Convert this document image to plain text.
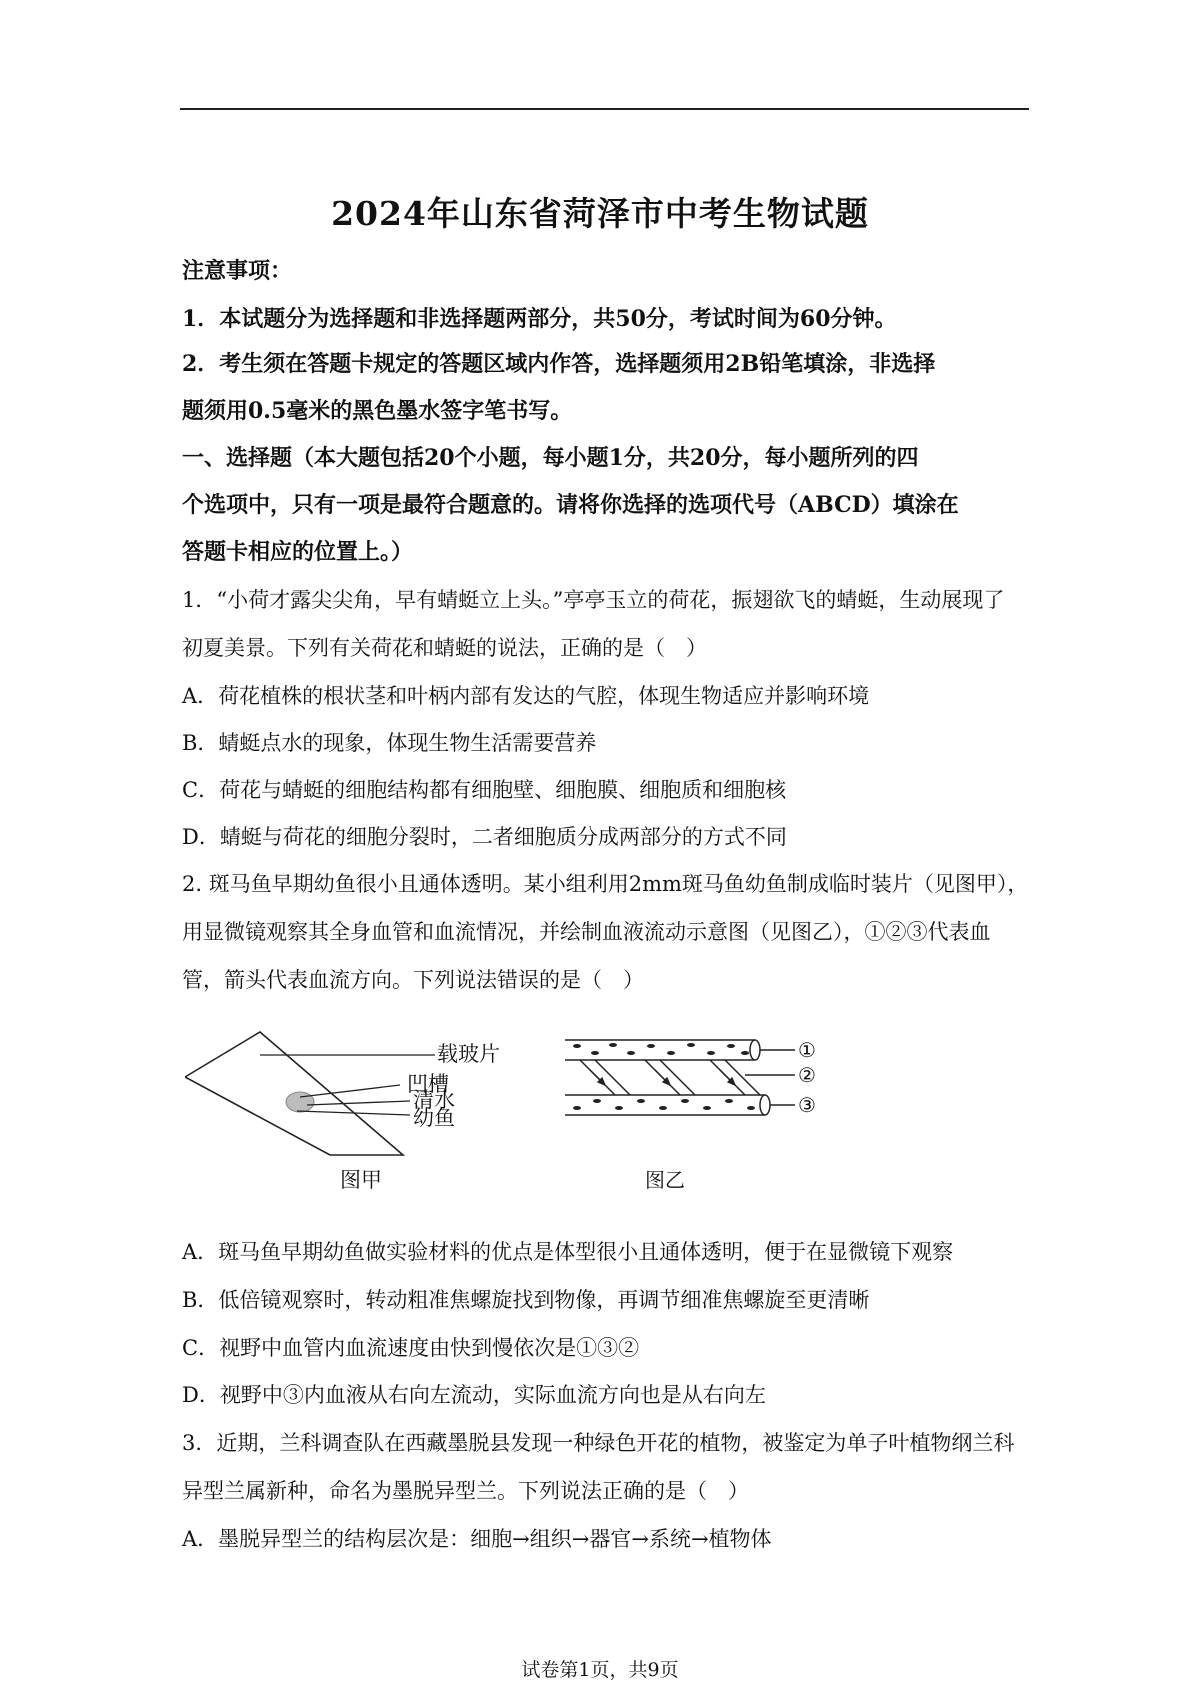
2024年山东省菏泽市中考生物试题
注意事项：
1．本试题分为选择题和非选择题两部分，共50分，考试时间为60分钟。
2．考生须在答题卡规定的答题区域内作答，选择题须用2B铅笔填涂，非选择
题须用0.5毫米的黑色墨水签字笔书写。
一、选择题（本大题包括20个小题，每小题1分，共20分，每小题所列的四
个选项中，只有一项是最符合题意的。请将你选择的选项代号（ABCD）填涂在
答题卡相应的位置上。）
1．“小荷才露尖尖角，早有蜻蜓立上头。”亭亭玉立的荷花，振翅欲飞的蜻蜓，生动展现了
初夏美景。下列有关荷花和蜻蜓的说法，正确的是（　）
A．荷花植株的根状茎和叶柄内部有发达的气腔，体现生物适应并影响环境
B．蜻蜓点水的现象，体现生物生活需要营养
C．荷花与蜻蜓的细胞结构都有细胞壁、细胞膜、细胞质和细胞核
D．蜻蜓与荷花的细胞分裂时，二者细胞质分成两部分的方式不同
2. 斑马鱼早期幼鱼很小且通体透明。某小组利用2mm斑马鱼幼鱼制成临时装片（见图甲），
用显微镜观察其全身血管和血流情况，并绘制血液流动示意图（见图乙），①②③代表血
管，箭头代表血流方向。下列说法错误的是（　）
载玻片
凹槽
清水
幼鱼
图甲
①
②
③
图乙
A．斑马鱼早期幼鱼做实验材料的优点是体型很小且通体透明，便于在显微镜下观察
B．低倍镜观察时，转动粗准焦螺旋找到物像，再调节细准焦螺旋至更清晰
C．视野中血管内血流速度由快到慢依次是①③②
D．视野中③内血液从右向左流动，实际血流方向也是从右向左
3．近期，兰科调查队在西藏墨脱县发现一种绿色开花的植物，被鉴定为单子叶植物纲兰科
异型兰属新种，命名为墨脱异型兰。下列说法正确的是（　）
A．墨脱异型兰的结构层次是：细胞→组织→器官→系统→植物体
试卷第1页，共9页
